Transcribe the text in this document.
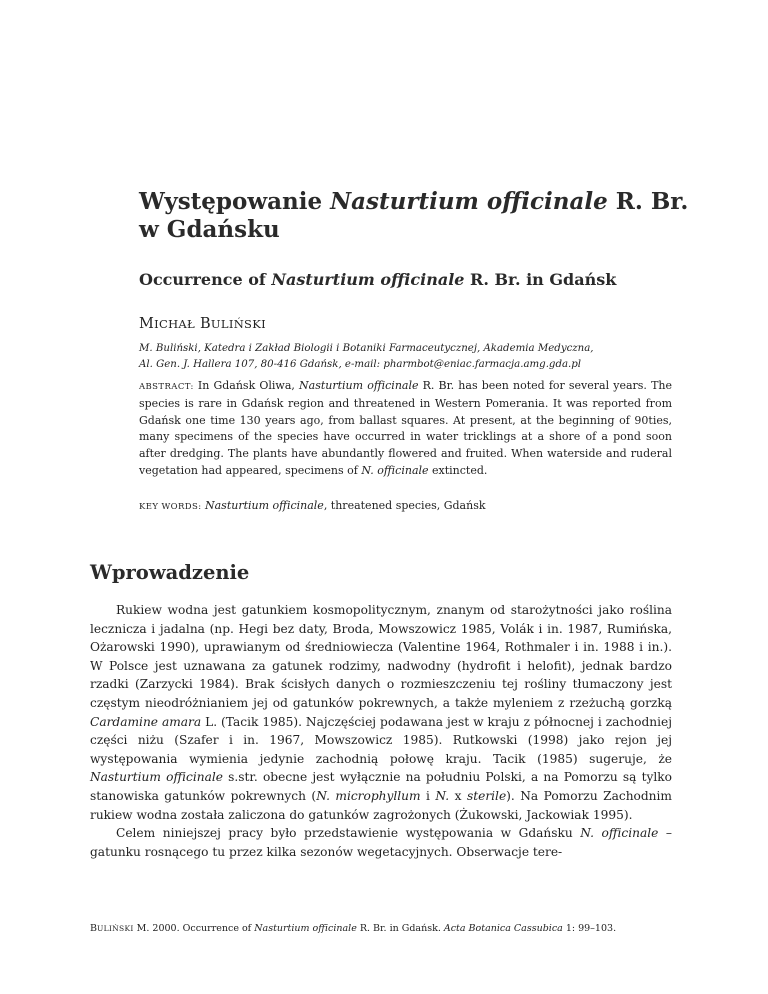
Występowanie Nasturtium officinale R. Br.
w Gdańsku
Occurrence of Nasturtium officinale R. Br. in Gdańsk
MICHAŁ BULIŃSKI
M. Buliński, Katedra i Zakład Biologii i Botaniki Farmaceutycznej, Akademia Medyczna,
Al. Gen. J. Hallera 107, 80-416 Gdańsk, e-mail: pharmbot@eniac.farmacja.amg.gda.pl
ABSTRACT: In Gdańsk Oliwa, Nasturtium officinale R. Br. has been noted for several years. The species is rare in Gdańsk region and threatened in Western Pomerania. It was reported from Gdańsk one time 130 years ago, from ballast squares. At present, at the beginning of 90ties, many specimens of the species have occurred in water tricklings at a shore of a pond soon after dredging. The plants have abundantly flowered and fruited. When waterside and ruderal vegetation had appeared, specimens of N. officinale extincted.
KEY WORDS: Nasturtium officinale, threatened species, Gdańsk
Wprowadzenie

Rukiew wodna jest gatunkiem kosmopolitycznym, znanym od starożytności jako roślina lecznicza i jadalna (np. Hegi bez daty, Broda, Mowszowicz 1985, Volák i in. 1987, Rumińska, Ożarowski 1990), uprawianym od średniowiecza (Valentine 1964, Rothmaler i in. 1988 i in.). W Polsce jest uznawana za gatunek rodzimy, nadwodny (hydrofit i helofit), jednak bardzo rzadki (Zarzycki 1984). Brak ścisłych danych o rozmieszczeniu tej rośliny tłumaczony jest częstym nieodróżnianiem jej od gatunków pokrewnych, a także myleniem z rzeżuchą gorzką Cardamine amara L. (Tacik 1985). Najczęściej podawana jest w kraju z północnej i zachodniej części niżu (Szafer i in. 1967, Mowszowicz 1985). Rutkowski (1998) jako rejon jej występowania wymienia jedynie zachodnią połowę kraju. Tacik (1985) sugeruje, że Nasturtium officinale s.str. obecne jest wyłącznie na południu Polski, a na Pomorzu są tylko stanowiska gatunków pokrewnych (N. microphyllum i N. x sterile). Na Pomorzu Zachodnim rukiew wodna została zaliczona do gatunków zagrożonych (Żukowski, Jackowiak 1995).

Celem niniejszej pracy było przedstawienie występowania w Gdańsku N. officinale – gatunku rosnącego tu przez kilka sezonów wegetacyjnych. Obserwacje tere-

BULIŃSKI M. 2000. Occurrence of Nasturtium officinale R. Br. in Gdańsk. Acta Botanica Cassubica 1: 99–103.
